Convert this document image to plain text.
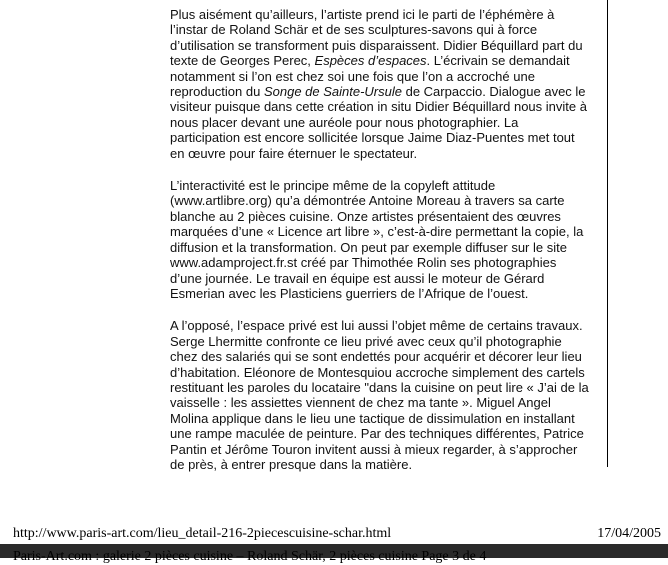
Plus aisément qu’ailleurs, l’artiste prend ici le parti de l’éphémère à
l’instar de Roland Schär et de ses sculptures-savons qui à force
d’utilisation se transforment puis disparaissent. Didier Béquillard part du
texte de Georges Perec, Espèces d’espaces. L’écrivain se demandait
notamment si l’on est chez soi une fois que l’on a accroché une
reproduction du Songe de Sainte-Ursule de Carpaccio. Dialogue avec le
visiteur puisque dans cette création in situ Didier Béquillard nous invite à
nous placer devant une auréole pour nous photographier. La
participation est encore sollicitée lorsque Jaime Diaz-Puentes met tout
en œuvre pour faire éternuer le spectateur.

L’interactivité est le principe même de la copyleft attitude
(www.artlibre.org) qu’a démontrée Antoine Moreau à travers sa carte
blanche au 2 pièces cuisine. Onze artistes présentaient des œuvres
marquées d’une « Licence art libre », c’est-à-dire permettant la copie, la
diffusion et la transformation. On peut par exemple diffuser sur le site
www.adamproject.fr.st créé par Thimothée Rolin ses photographies
d’une journée. Le travail en équipe est aussi le moteur de Gérard
Esmerian avec les Plasticiens guerriers de l’Afrique de l’ouest.

A l’opposé, l’espace privé est lui aussi l’objet même de certains travaux.
Serge Lhermitte confronte ce lieu privé avec ceux qu’il photographie
chez des salariés qui se sont endettés pour acquérir et décorer leur lieu
d’habitation. Eléonore de Montesquiou accroche simplement des cartels
restituant les paroles du locataire "dans la cuisine on peut lire « J’ai de la
vaisselle : les assiettes viennent de chez ma tante ». Miguel Angel
Molina applique dans le lieu une tactique de dissimulation en installant
une rampe maculée de peinture. Par des techniques différentes, Patrice
Pantin et Jérôme Touron invitent aussi à mieux regarder, à s’approcher
de près, à entrer presque dans la matière.

http://www.paris-art.com/lieu_detail-216-2piecescuisine-schar.html	17/04/2005
Paris-Art.com : galerie 2 pièces cuisine – Roland Schär, 2 pièces cuisine Page 3 de 4
